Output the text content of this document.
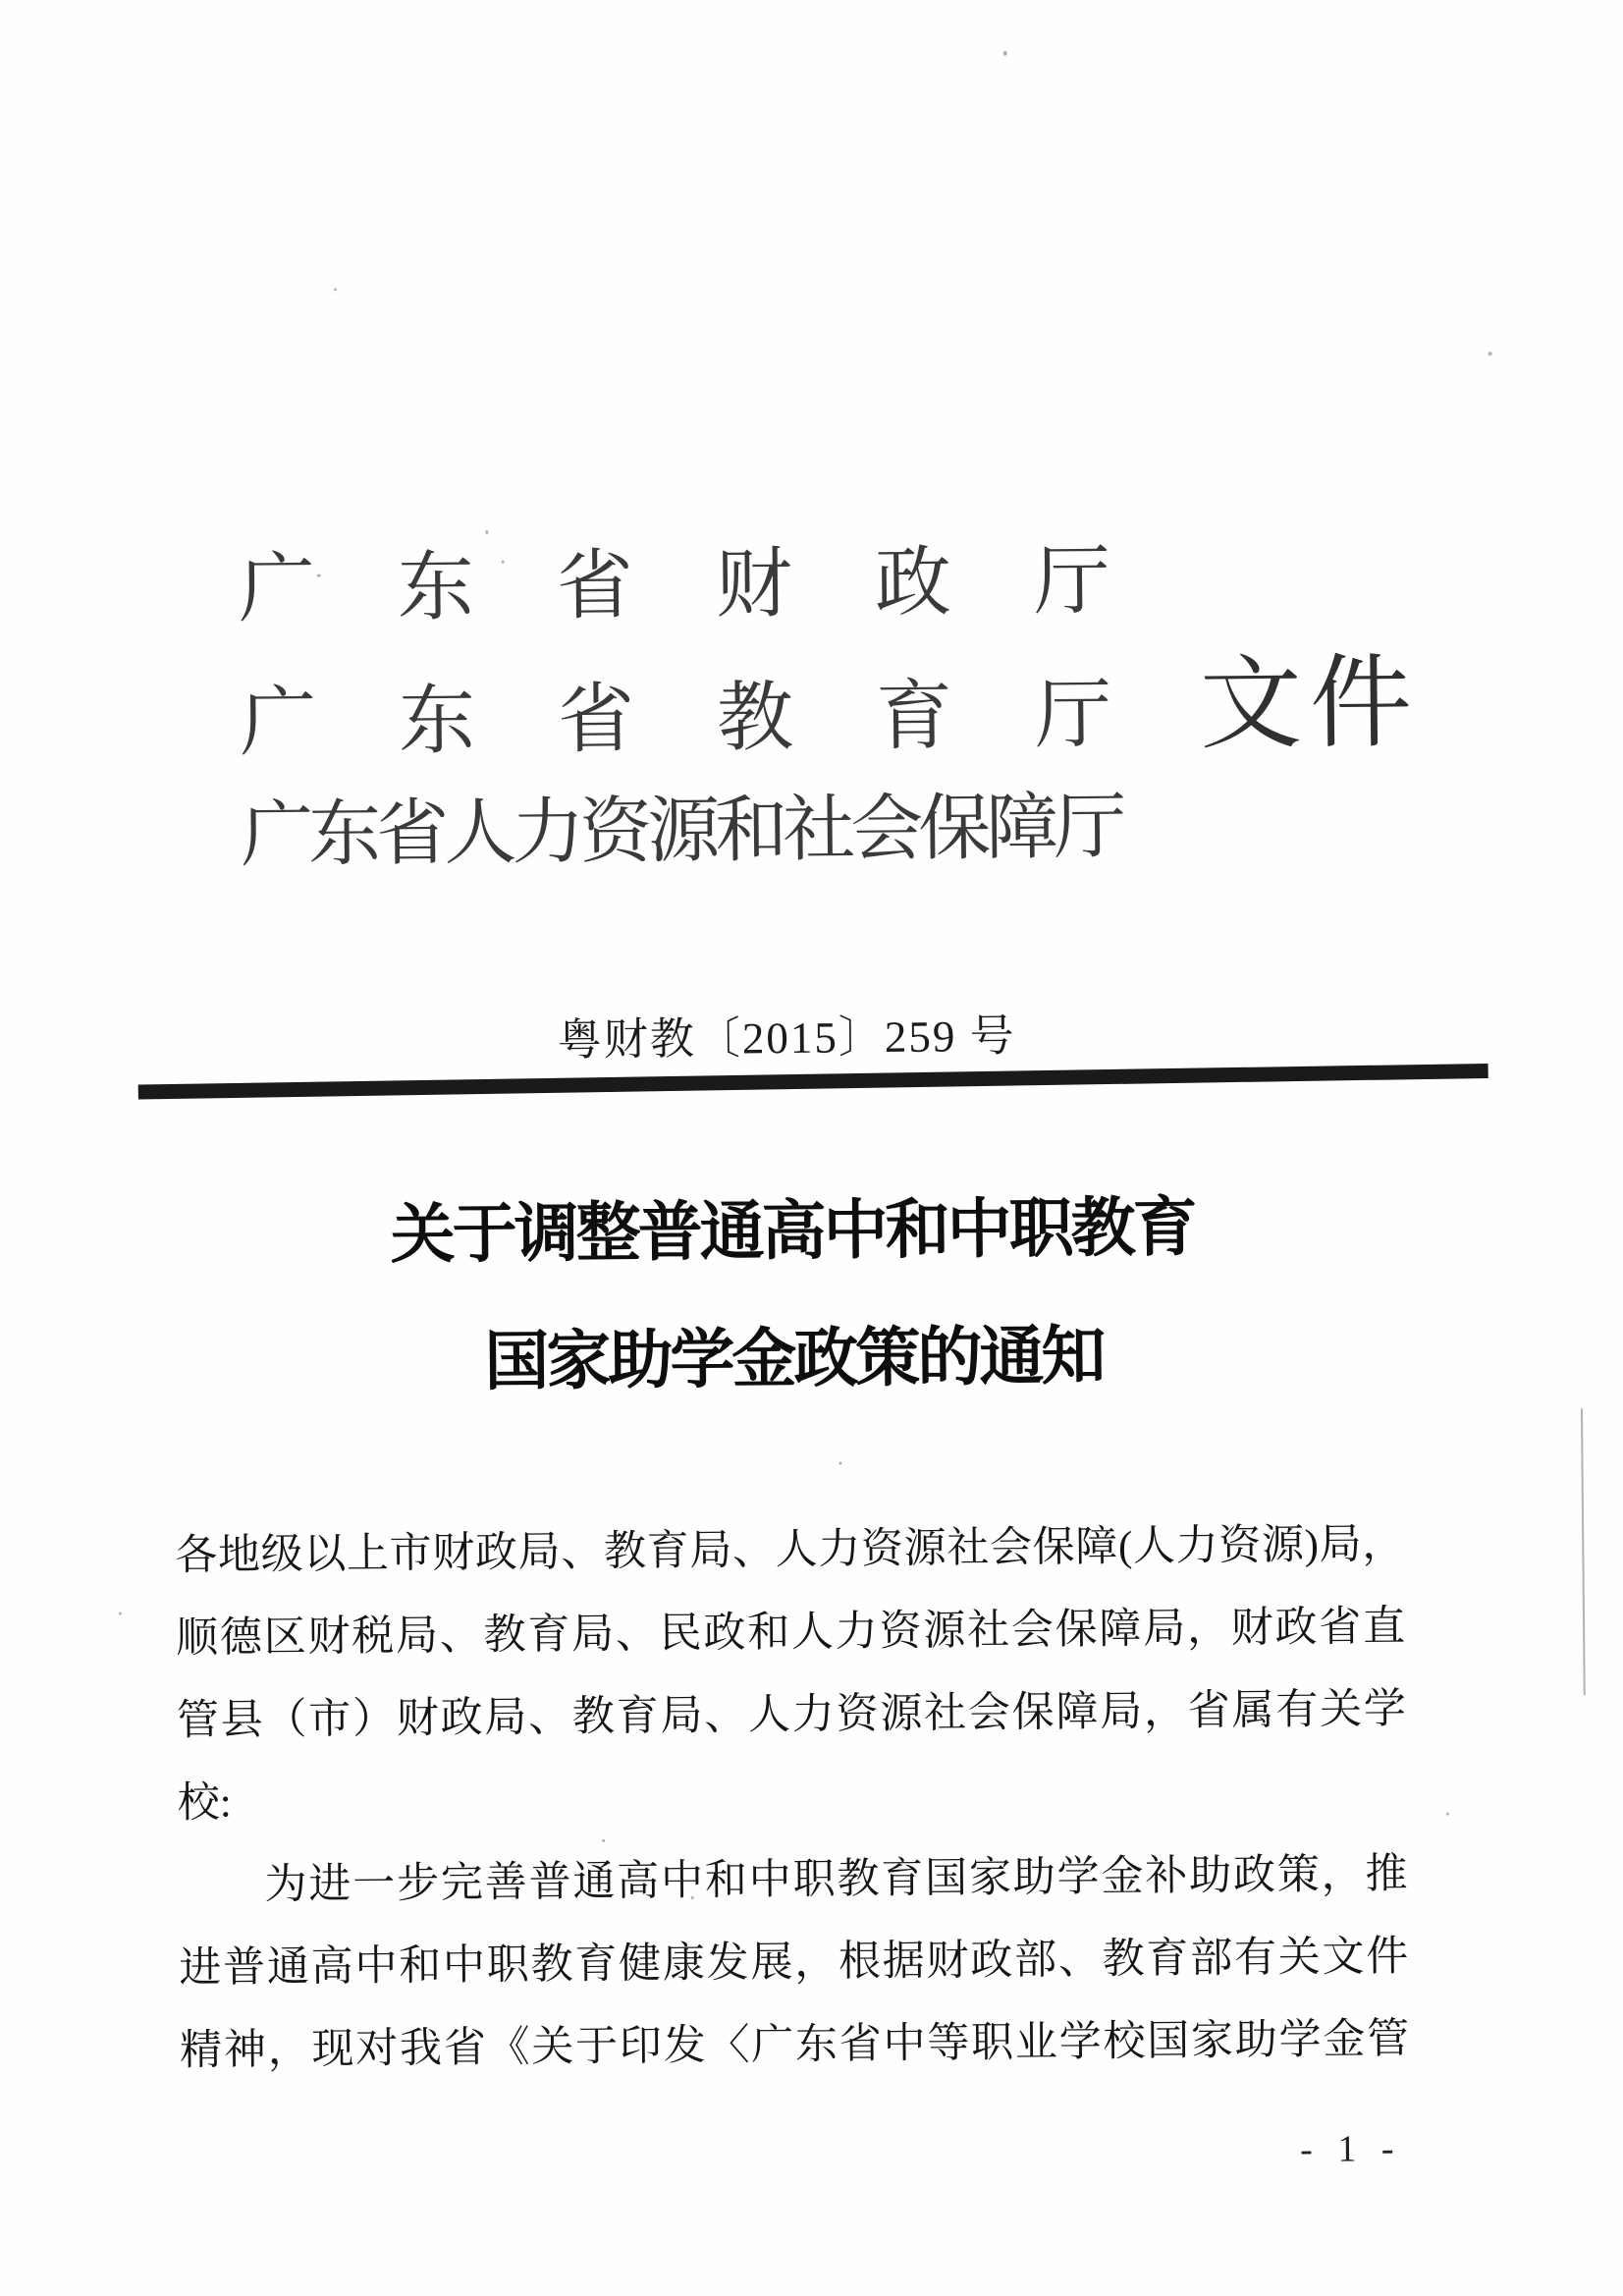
广东省财政厅
广东省教育厅文件
广东省人力资源和社会保障厅
粤财教〔2015〕259 号
关于调整普通高中和中职教育
国家助学金政策的通知
各地级以上市财政局、教育局、人力资源社会保障(人力资源)局，
顺德区财税局、教育局、民政和人力资源社会保障局，财政省直
管县（市）财政局、教育局、人力资源社会保障局，省属有关学
校:
为进一步完善普通高中和中职教育国家助学金补助政策，推
进普通高中和中职教育健康发展，根据财政部、教育部有关文件
精神，现对我省《关于印发〈广东省中等职业学校国家助学金管
- 1 -
